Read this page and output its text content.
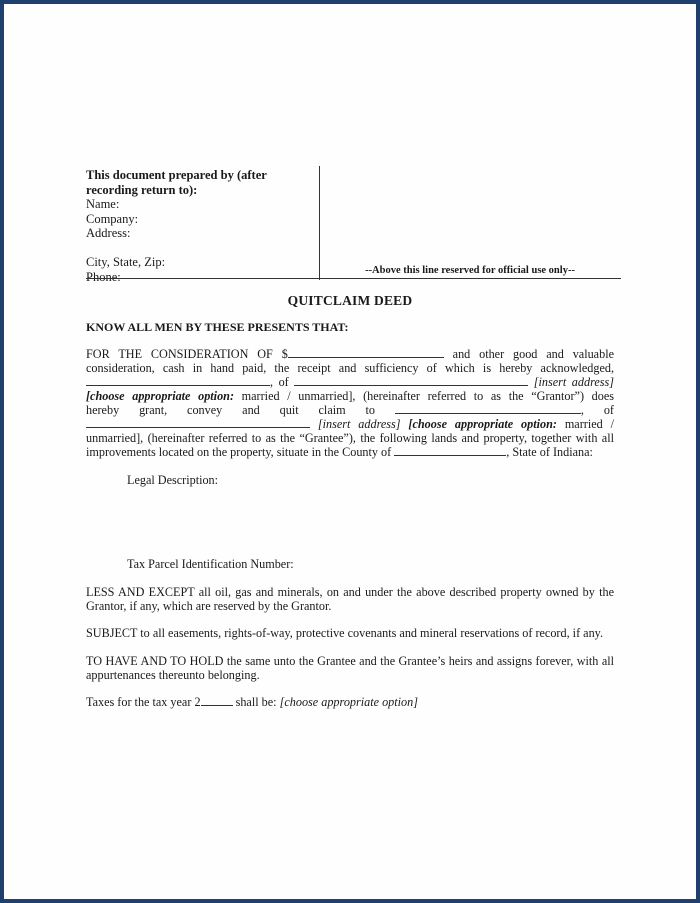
This document prepared by (after recording return to):
Name:
Company:
Address:
City, State, Zip:
Phone:	--Above this line reserved for official use only--
QUITCLAIM DEED
KNOW ALL MEN BY THESE PRESENTS THAT:
FOR THE CONSIDERATION OF $	and other good and valuable
consideration, cash in hand paid, the receipt and sufficiency of which is hereby acknowledged,
, of	[insert address]
[choose appropriate option: married / unmarried], (hereinafter referred to as the “Grantor”) does
hereby grant, convey and quit claim to	, of
[insert address] [choose appropriate option: married /
unmarried], (hereinafter referred to as the “Grantee”), the following lands and property, together with all
improvements located on the property, situate in the County of	, State of Indiana:
Legal Description:
Tax Parcel Identification Number:
LESS AND EXCEPT all oil, gas and minerals, on and under the above described property owned by the Grantor, if any, which are reserved by the Grantor.
SUBJECT to all easements, rights-of-way, protective covenants and mineral reservations of record, if any.
TO HAVE AND TO HOLD the same unto the Grantee and the Grantee’s heirs and assigns forever, with all appurtenances thereunto belonging.
Taxes for the tax year 2	shall be: [choose appropriate option]
